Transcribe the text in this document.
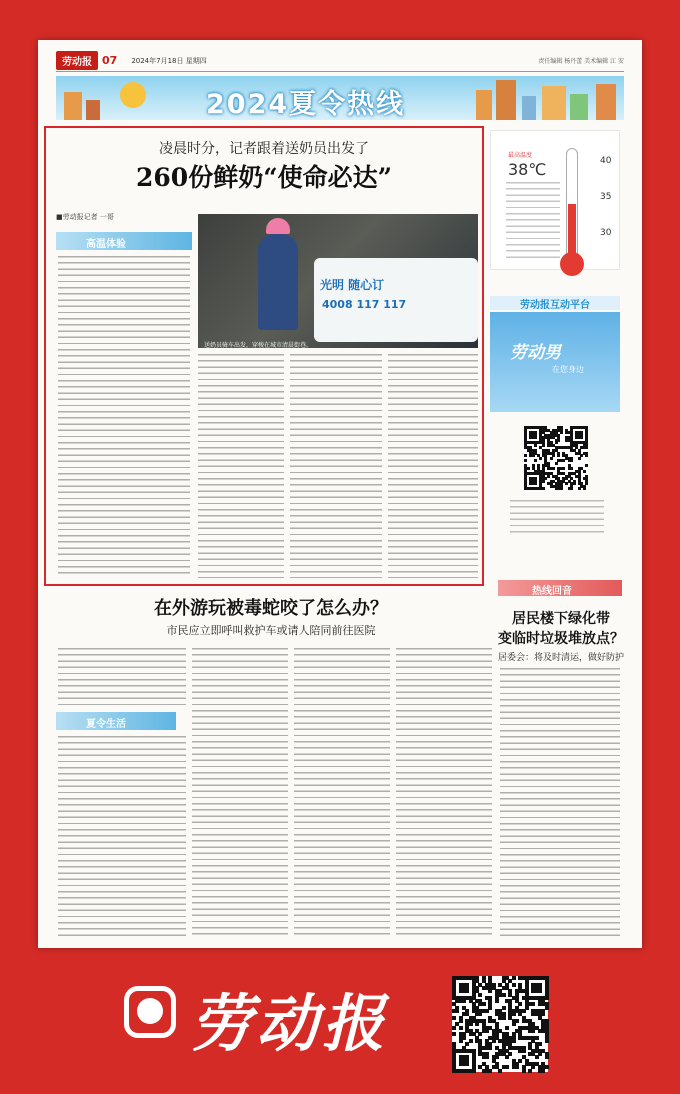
劳动报 07 2024年7月18日 星期四	责任编辑 杨丹蕾 美术编辑 江 安
2024夏令热线
凌晨时分，记者跟着送奶员出发了
260份鲜奶“使命必达”
■劳动报记者 一哥
高温体验
光明 随心订
4008 117 117
送奶员骑车出发，穿梭在城市清晨街巷。
最高温度
38℃	40
35
30
劳动报互动平台
劳动男
在您身边
在外游玩被毒蛇咬了怎么办？
市民应立即呼叫救护车或请人陪同前往医院
夏令生活
热线回音
居民楼下绿化带
变临时垃圾堆放点？
居委会：将及时清运，做好防护
劳动报
